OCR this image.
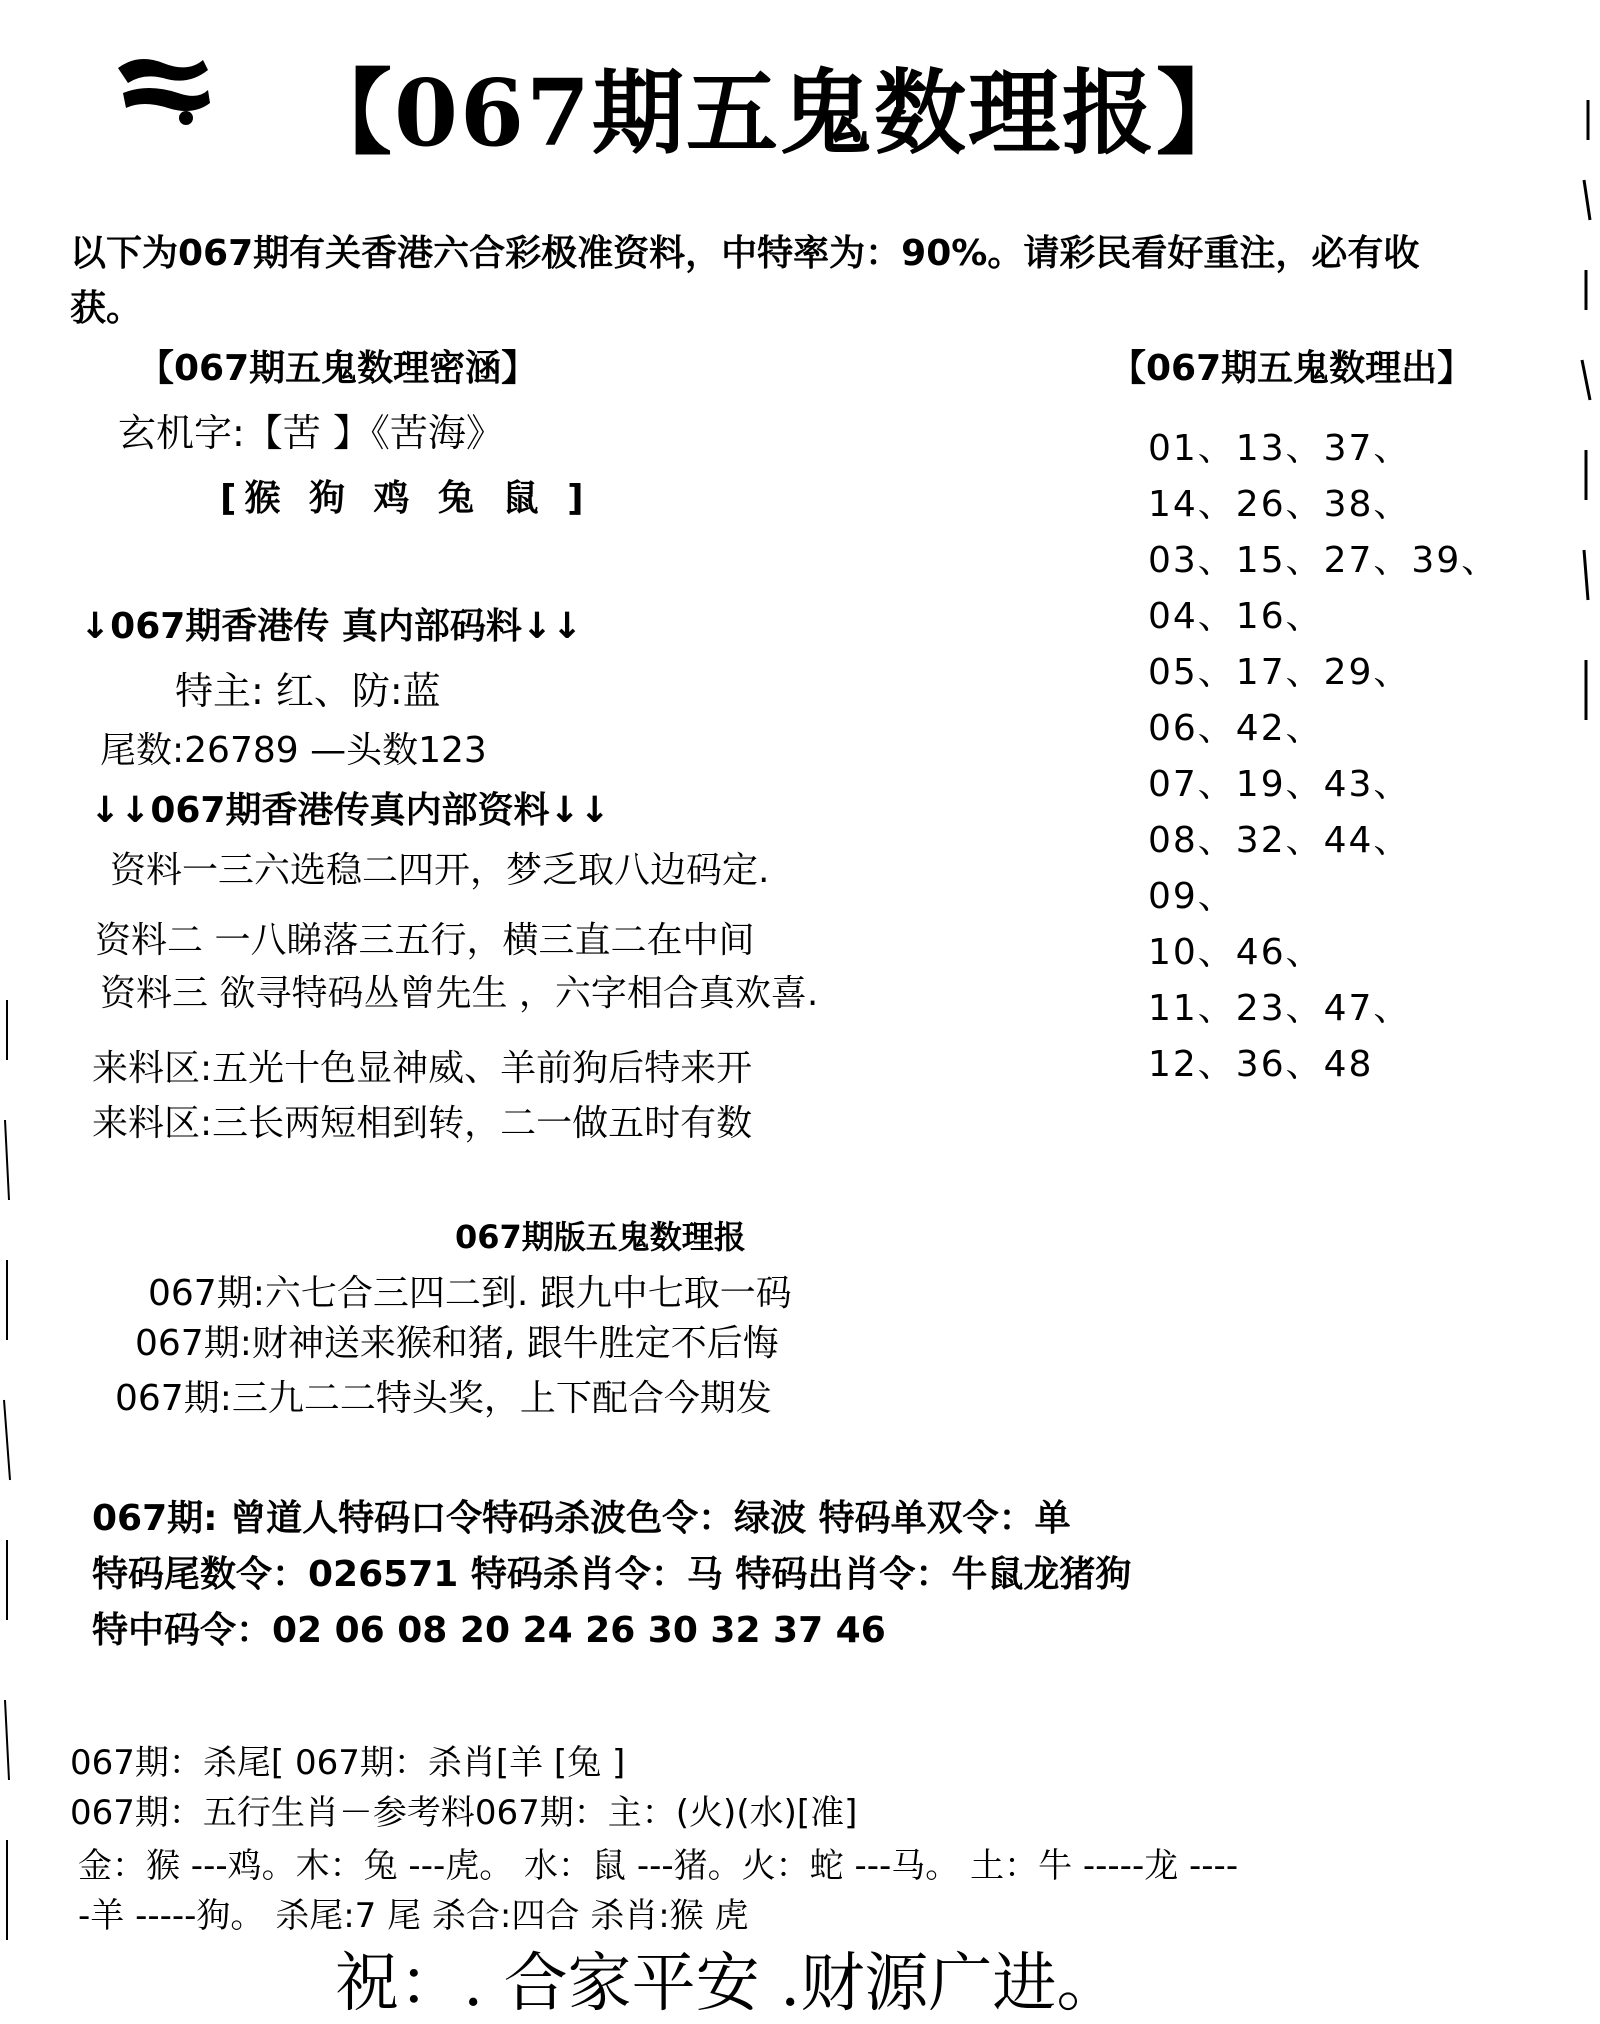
【067期五鬼数理报】
以下为067期有关香港六合彩极准资料，中特率为：90%。请彩民看好重注，必有收
获。
【067期五鬼数理密涵】
玄机字:【苦 】《苦海》
[猴 狗 鸡 兔 鼠 ]
↓067期香港传 真内部码料↓↓
特主: 红、防:蓝
尾数:26789 —头数123
↓↓067期香港传真内部资料↓↓
资料一三六选稳二四开，梦乏取八边码定.
资料二 一八睇落三五行，横三直二在中间
资料三 欲寻特码丛曾先生 ，六字相合真欢喜.
来料区:五光十色显神威、羊前狗后特来开
来料区:三长两短相到转，二一做五时有数
【067期五鬼数理出】
01、13、37、
14、26、38、
03、15、27、39、
04、16、
05、17、29、
06、42、
07、19、43、
08、32、44、
09、
10、46、
11、23、47、
12、36、48
067期版五鬼数理报
067期:六七合三四二到. 跟九中七取一码
067期:财神送来猴和猪, 跟牛胜定不后悔
067期:三九二二特头奖，上下配合今期发
067期: 曾道人特码口令特码杀波色令：绿波 特码单双令：单
特码尾数令：026571 特码杀肖令：马 特码出肖令：牛鼠龙猪狗
特中码令：02 06 08 20 24 26 30 32 37 46
067期：杀尾[ 067期：杀肖[羊 [兔 ]
067期：五行生肖－参考料067期：主：(火)(水)[准]
金：猴 ---鸡。木：兔 ---虎。 水：鼠 ---猪。火：蛇 ---马。 土：牛 -----龙 ----
-羊 -----狗。 杀尾:7 尾 杀合:四合 杀肖:猴 虎
祝：. 合家平安 .财源广进。
